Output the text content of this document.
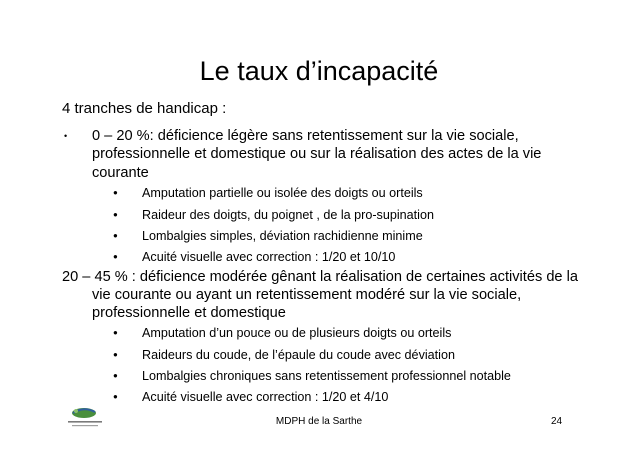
Le taux d’incapacité
4 tranches de handicap :
• 0 – 20 %: déficience légère sans retentissement sur la vie sociale, professionnelle et domestique ou sur la réalisation des actes de la vie courante
● Amputation partielle ou isolée des doigts ou orteils
● Raideur des doigts, du poignet , de la pro-supination
● Lombalgies simples, déviation rachidienne minime
● Acuité visuelle avec correction : 1/20 et 10/10
20 – 45 % : déficience modérée gênant la réalisation de certaines activités de la vie courante ou ayant un retentissement modéré sur la vie sociale, professionnelle et domestique
● Amputation d’un pouce ou de plusieurs doigts ou orteils
● Raideurs du coude, de l’épaule du coude avec déviation
● Lombalgies chroniques sans retentissement professionnel notable
● Acuité visuelle avec correction : 1/20 et 4/10
MDPH de la Sarthe	24
